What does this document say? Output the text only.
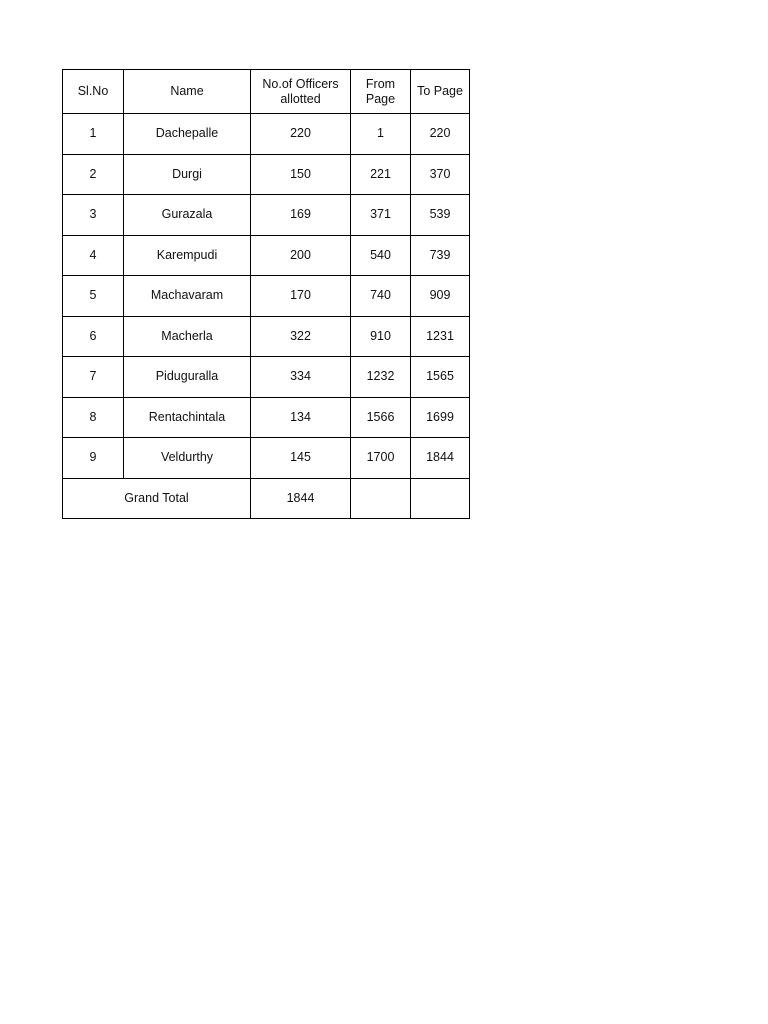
Sl.No	Name	No.of Officers allotted	From Page	To Page
1	Dachepalle	220	1	220
2	Durgi	150	221	370
3	Gurazala	169	371	539
4	Karempudi	200	540	739
5	Machavaram	170	740	909
6	Macherla	322	910	1231
7	Piduguralla	334	1232	1565
8	Rentachintala	134	1566	1699
9	Veldurthy	145	1700	1844
Grand Total		1844		
